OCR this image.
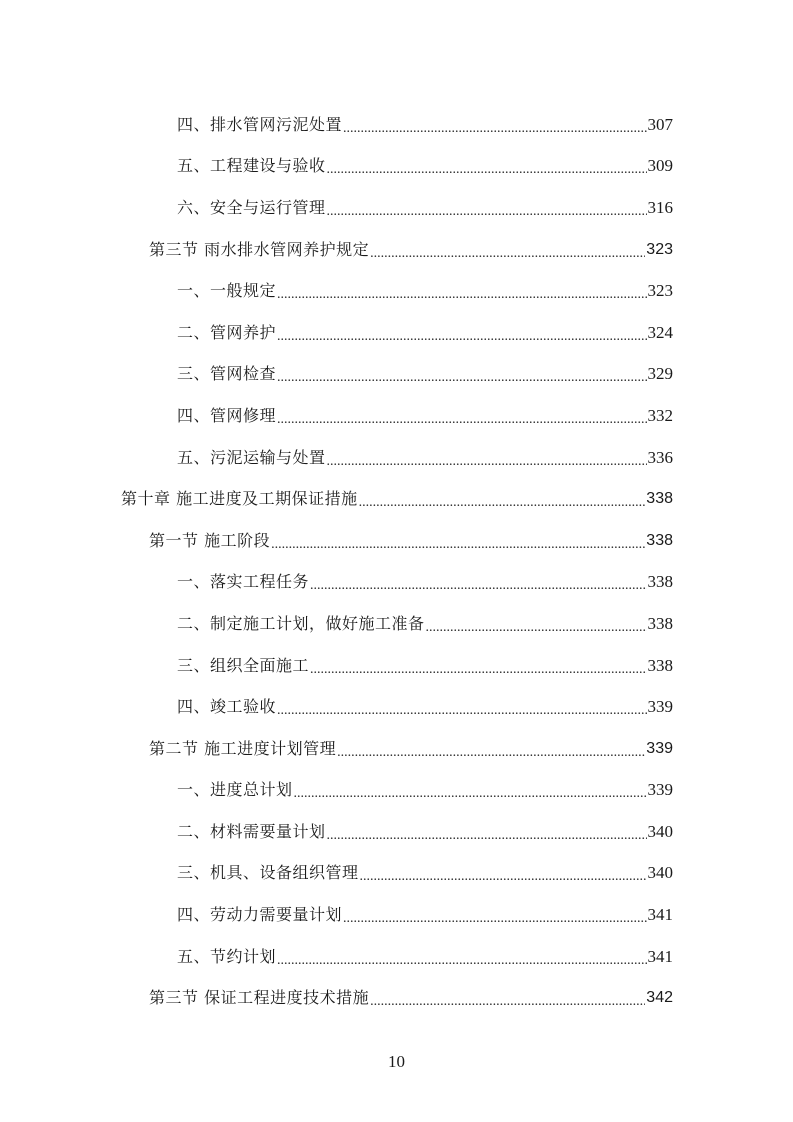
四、排水管网污泥处置 .....	307
五、工程建设与验收 .....	309
六、安全与运行管理 .....	316
第三节 雨水排水管网养护规定 .....	323
一、一般规定 .....	323
二、管网养护 .....	324
三、管网检查 .....	329
四、管网修理 .....	332
五、污泥运输与处置 .....	336
第十章 施工进度及工期保证措施 .....	338
第一节 施工阶段 .....	338
一、落实工程任务 .....	338
二、制定施工计划，做好施工准备 .....	338
三、组织全面施工 .....	338
四、竣工验收 .....	339
第二节 施工进度计划管理 .....	339
一、进度总计划 .....	339
二、材料需要量计划 .....	340
三、机具、设备组织管理 .....	340
四、劳动力需要量计划 .....	341
五、节约计划 .....	341
第三节 保证工程进度技术措施 .....	342
10
